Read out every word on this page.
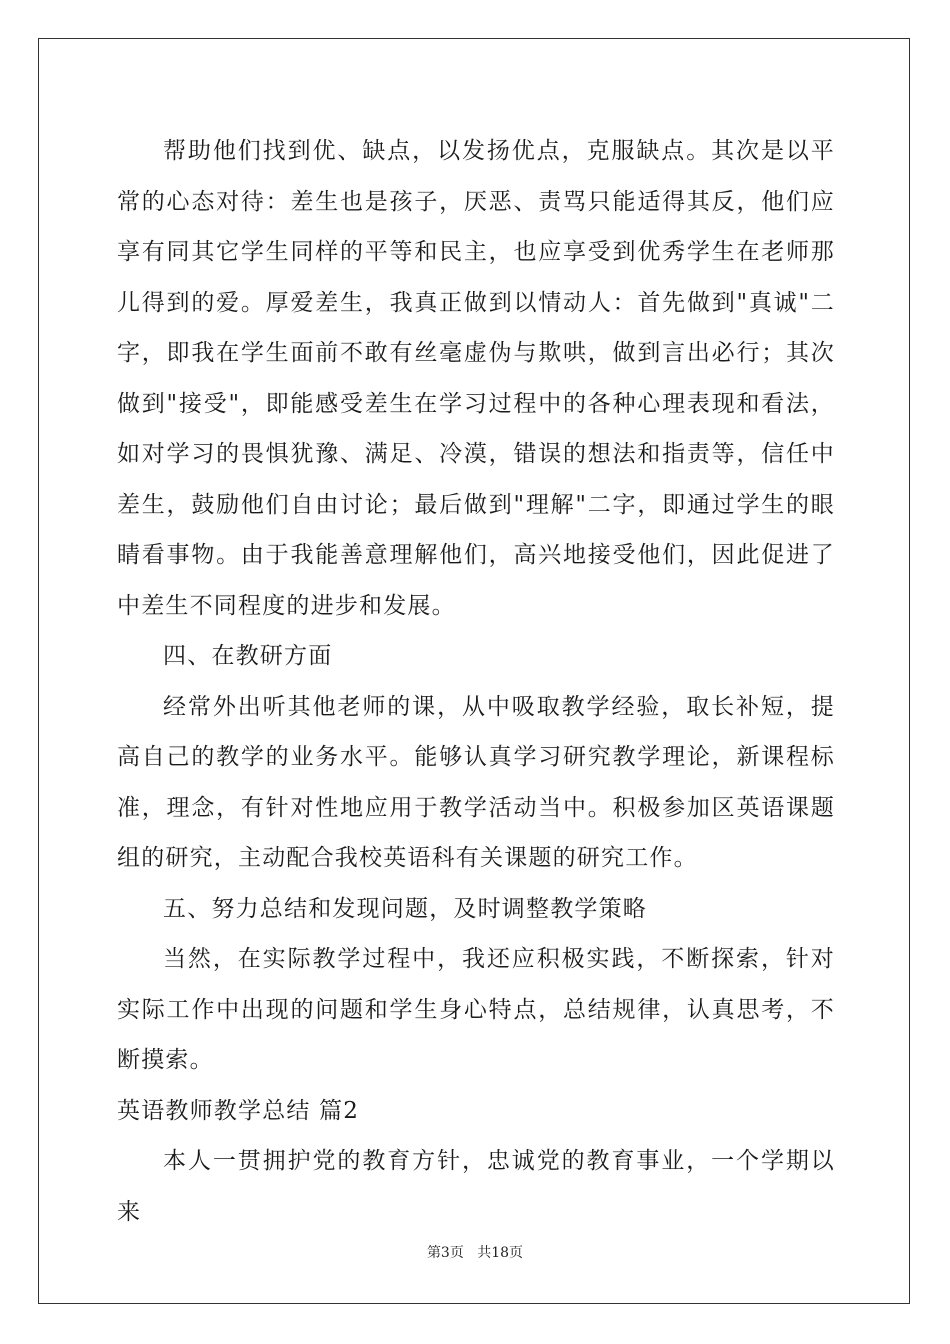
帮助他们找到优、缺点，以发扬优点，克服缺点。其次是以平常的心态对待：差生也是孩子，厌恶、责骂只能适得其反，他们应享有同其它学生同样的平等和民主，也应享受到优秀学生在老师那儿得到的爱。厚爱差生，我真正做到以情动人：首先做到"真诚"二字，即我在学生面前不敢有丝毫虚伪与欺哄，做到言出必行；其次做到"接受"，即能感受差生在学习过程中的各种心理表现和看法，如对学习的畏惧犹豫、满足、冷漠，错误的想法和指责等，信任中差生，鼓励他们自由讨论；最后做到"理解"二字，即通过学生的眼睛看事物。由于我能善意理解他们，高兴地接受他们，因此促进了中差生不同程度的进步和发展。

四、在教研方面

经常外出听其他老师的课，从中吸取教学经验，取长补短，提高自己的教学的业务水平。能够认真学习研究教学理论，新课程标准，理念，有针对性地应用于教学活动当中。积极参加区英语课题组的研究，主动配合我校英语科有关课题的研究工作。

五、努力总结和发现问题，及时调整教学策略

当然，在实际教学过程中，我还应积极实践，不断探索，针对实际工作中出现的问题和学生身心特点，总结规律，认真思考，不断摸索。

英语教师教学总结 篇2

本人一贯拥护党的教育方针，忠诚党的教育事业，一个学期以来

第3页 共18页
